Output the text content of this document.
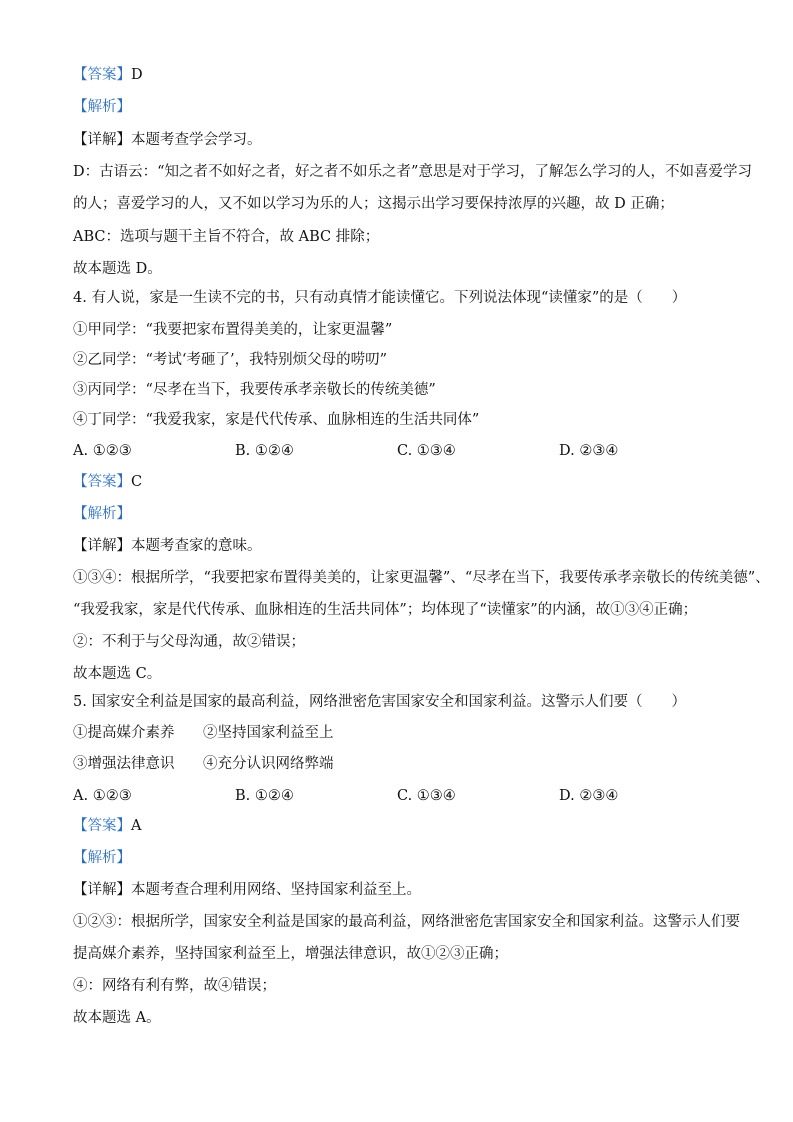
【答案】D
【解析】
【详解】本题考查学会学习。
D：古语云：“知之者不如好之者，好之者不如乐之者”意思是对于学习，了解怎么学习的人，不如喜爱学习
的人；喜爱学习的人，又不如以学习为乐的人；这揭示出学习要保持浓厚的兴趣，故 D 正确；
ABC：选项与题干主旨不符合，故 ABC 排除；
故本题选 D。
4. 有人说，家是一生读不完的书，只有动真情才能读懂它。下列说法体现“读懂家”的是（　　）
①甲同学：“我要把家布置得美美的，让家更温馨”
②乙同学：“考试‘考砸了’，我特别烦父母的唠叨”
③丙同学：“尽孝在当下，我要传承孝亲敬长的传统美德”
④丁同学：“我爱我家，家是代代传承、血脉相连的生活共同体”
A. ①②③	B. ①②④	C. ①③④	D. ②③④
【答案】C
【解析】
【详解】本题考查家的意味。
①③④：根据所学，“我要把家布置得美美的，让家更温馨”、“尽孝在当下，我要传承孝亲敬长的传统美德”、
“我爱我家，家是代代传承、血脉相连的生活共同体”；均体现了“读懂家”的内涵，故①③④正确；
②：不利于与父母沟通，故②错误；
故本题选 C。
5. 国家安全利益是国家的最高利益，网络泄密危害国家安全和国家利益。这警示人们要（　　）
①提高媒介素养 ②坚持国家利益至上
③增强法律意识 ④充分认识网络弊端
A. ①②③	B. ①②④	C. ①③④	D. ②③④
【答案】A
【解析】
【详解】本题考查合理利用网络、坚持国家利益至上。
①②③：根据所学，国家安全利益是国家的最高利益，网络泄密危害国家安全和国家利益。这警示人们要
提高媒介素养，坚持国家利益至上，增强法律意识，故①②③正确；
④：网络有利有弊，故④错误；
故本题选 A。
